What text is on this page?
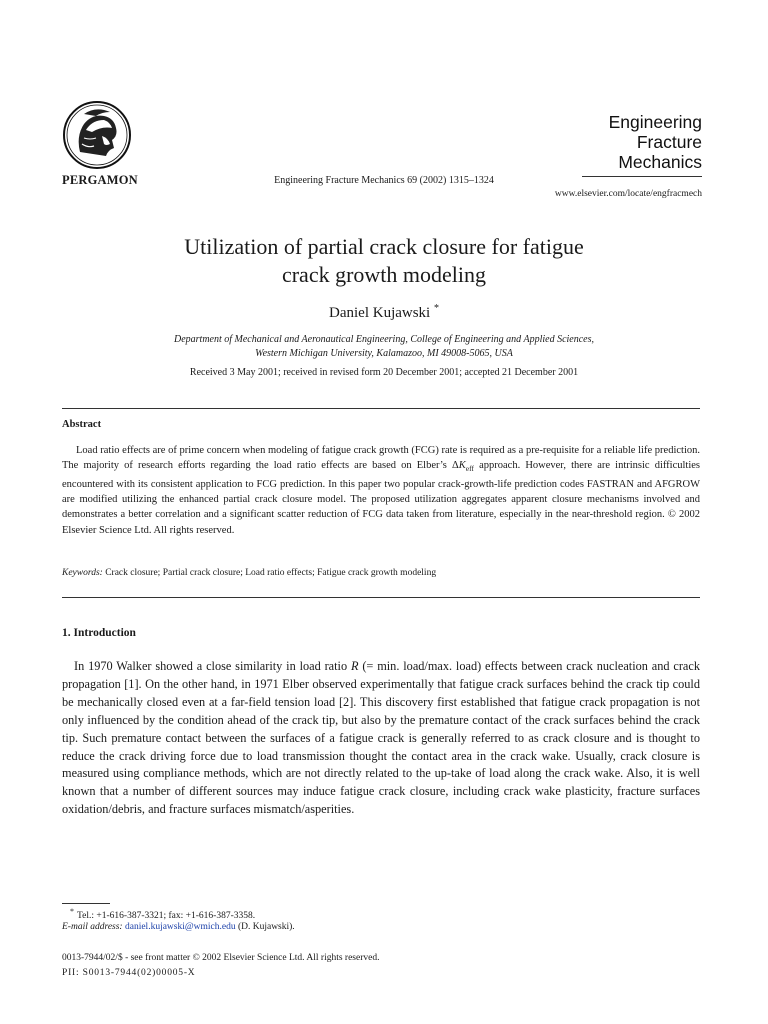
PERGAMON	Engineering Fracture Mechanics 69 (2002) 1315–1324
Engineering
Fracture
Mechanics
www.elsevier.com/locate/engfracmech
Utilization of partial crack closure for fatigue
crack growth modeling
Daniel Kujawski *
Department of Mechanical and Aeronautical Engineering, College of Engineering and Applied Sciences,
Western Michigan University, Kalamazoo, MI 49008-5065, USA
Received 3 May 2001; received in revised form 20 December 2001; accepted 21 December 2001
Abstract

Load ratio effects are of prime concern when modeling of fatigue crack growth (FCG) rate is required as a pre-requisite for a reliable life prediction. The majority of research efforts regarding the load ratio effects are based on Elber’s $\Delta K_{eff}$ approach. However, there are intrinsic difficulties encountered with its consistent application to FCG prediction. In this paper two popular crack-growth-life prediction codes FASTRAN and AFGROW are modified utilizing the enhanced partial crack closure model. The proposed utilization aggregates apparent closure mechanisms involved and demonstrates a better correlation and a significant scatter reduction of FCG data taken from literature, especially in the near-threshold region. © 2002 Elsevier Science Ltd. All rights reserved.

Keywords: Crack closure; Partial crack closure; Load ratio effects; Fatigue crack growth modeling
1. Introduction

In 1970 Walker showed a close similarity in load ratio R (= min. load/max. load) effects between crack nucleation and crack propagation [1]. On the other hand, in 1971 Elber observed experimentally that fatigue crack surfaces behind the crack tip could be mechanically closed even at a far-field tension load [2]. This discovery first established that fatigue crack propagation is not only influenced by the condition ahead of the crack tip, but also by the premature contact of the crack surfaces behind the crack tip. Such premature contact between the surfaces of a fatigue crack is generally referred to as crack closure and is thought to reduce the crack driving force due to load transmission thought the contact area in the crack wake. Usually, crack closure is measured using compliance methods, which are not directly related to the up-take of load along the crack wake. Also, it is well known that a number of different sources may induce fatigue crack closure, including crack wake plasticity, fracture surfaces oxidation/debris, and fracture surfaces mismatch/asperities.

* Tel.: +1-616-387-3321; fax: +1-616-387-3358.
E-mail address: daniel.kujawski@wmich.edu (D. Kujawski).
0013-7944/02/$ - see front matter © 2002 Elsevier Science Ltd. All rights reserved.
PII: S0013-7944(02)00005-X
